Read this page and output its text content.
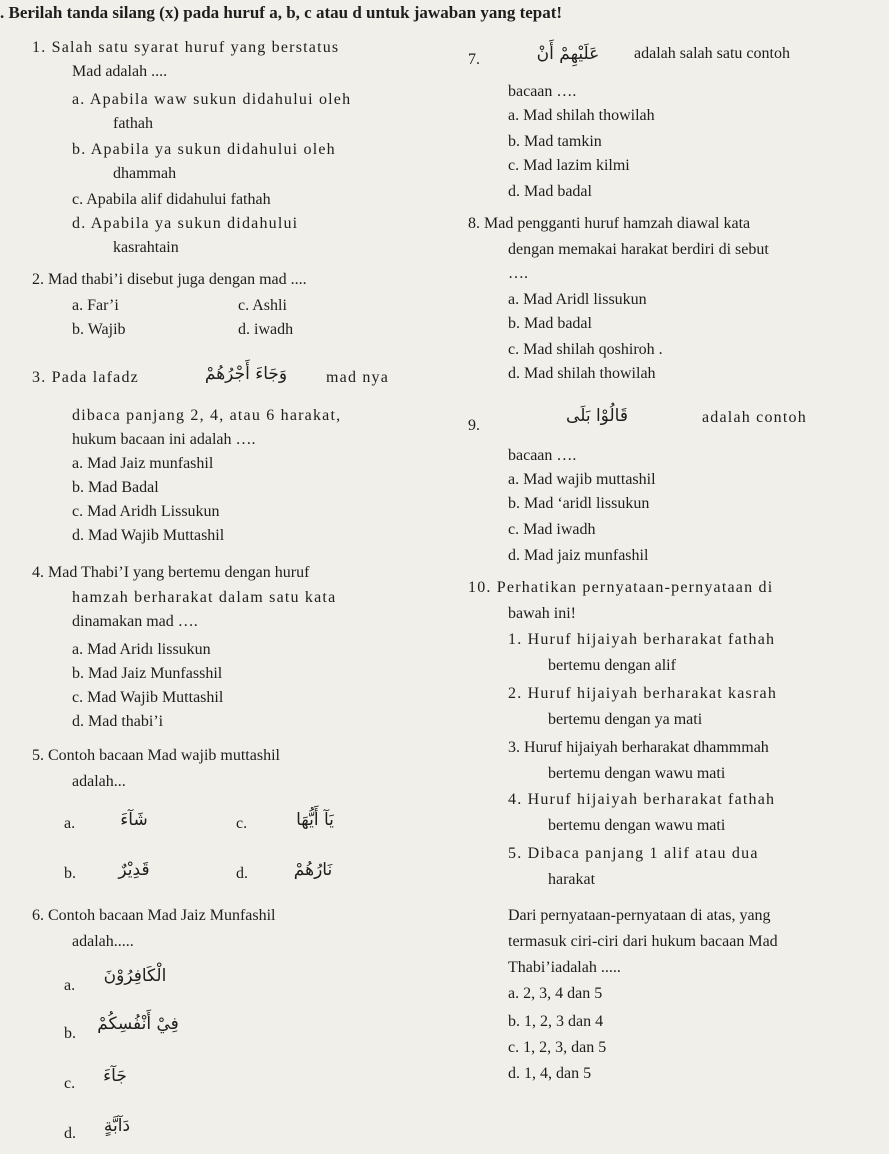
. Berilah tanda silang (x) pada huruf a, b, c atau d untuk jawaban yang tepat!
1. Salah satu syarat huruf yang berstatus
Mad adalah ....
a. Apabila waw sukun didahului oleh
fathah
b. Apabila ya sukun didahului oleh
dhammah
c. Apabila alif didahului fathah
d. Apabila ya sukun didahului
kasrahtain
2. Mad thabi’i disebut juga dengan mad ....
a. Far’i	c. Ashli
b. Wajib	d. iwadh
3. Pada lafadz	وَجَاءَ أَجْرُهُمْ	mad nya
dibaca panjang 2, 4, atau 6 harakat,
hukum bacaan ini adalah ….
a. Mad Jaiz munfashil
b. Mad Badal
c. Mad Aridh Lissukun
d. Mad Wajib Muttashil
4. Mad Thabi’I yang bertemu dengan huruf
hamzah berharakat dalam satu kata
dinamakan mad ….
a. Mad Aridı lissukun
b. Mad Jaiz Munfasshil
c. Mad Wajib Muttashil
d. Mad thabi’i
5. Contoh bacaan Mad wajib muttashil
adalah...
a.	شَآءَ	c.	يَآ أَيُّهَا
b.	قَدِيْرٌ	d.	نَارُهُمْ
6. Contoh bacaan Mad Jaiz Munfashil
adalah.....
a.	الْكَافِرُوْنَ
b.	فِيْ أَنْفُسِكُمْ
c.	جَآءَ
d.	دَآبَّةٍ
7.	عَلَيْهِمْ أَنْ	adalah salah satu contoh
bacaan ….
a. Mad shilah thowilah
b. Mad tamkin
c. Mad lazim kilmi
d. Mad badal
8. Mad pengganti huruf hamzah diawal kata
dengan memakai harakat berdiri di sebut
….
a. Mad Aridl lissukun
b. Mad badal
c. Mad shilah qoshiroh .
d. Mad shilah thowilah
9.	قَالُوْا بَلَى	adalah contoh
bacaan ….
a. Mad wajib muttashil
b. Mad ‘aridl lissukun
c. Mad iwadh
d. Mad jaiz munfashil
10. Perhatikan pernyataan-pernyataan di
bawah ini!
1. Huruf hijaiyah berharakat fathah
bertemu dengan alif
2. Huruf hijaiyah berharakat kasrah
bertemu dengan ya mati
3. Huruf hijaiyah berharakat dhammmah
bertemu dengan wawu mati
4. Huruf hijaiyah berharakat fathah
bertemu dengan wawu mati
5. Dibaca panjang 1 alif atau dua
harakat
Dari pernyataan-pernyataan di atas, yang
termasuk ciri-ciri dari hukum bacaan Mad
Thabi’iadalah .....
a. 2, 3, 4 dan 5
b. 1, 2, 3 dan 4
c. 1, 2, 3, dan 5
d. 1, 4, dan 5
